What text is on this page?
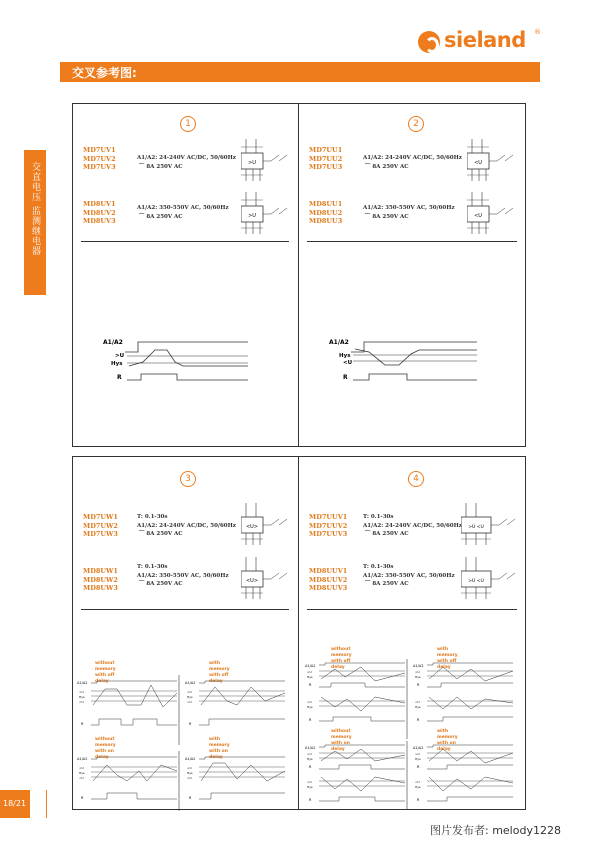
sieland ®
交叉参考图:
交直电压 监测继电器
18/21
图片发布者: melody1228
1
MD7UV1
MD7UV2
MD7UV3
A1/A2: 24-240V AC/DC, 50/60Hz
⌒ 8A 250V AC
>U
MD8UV1
MD8UV2
MD8UV3
A1/A2: 350-550V AC, 50/60Hz
⌒ 8A 250V AC	>U
A1/A2
>U
Hys
R
2
MD7UU1
MD7UU2
MD7UU3
A1/A2: 24-240V AC/DC, 50/60Hz
⌒ 8A 250V AC
<U
MD8UU1
MD8UU2
MD8UU3
A1/A2: 350-550V AC, 50/60Hz
⌒ 8A 250V AC	<U
A1/A2
Hys
<U
R
3
MD7UW1
MD7UW2
MD7UW3
T: 0.1-30s
A1/A2: 24-240V AC/DC, 50/60Hz
⌒ 8A 250V AC
<U>
MD8UW1
MD8UW2
MD8UW3
T: 0.1-30s
A1/A2: 350-550V AC, 50/60Hz
⌒ 8A 250V AC	<U>
without memory
with off delay
A1/A2
>U
Hys
<U
R
with memory
with off delay
A1/A2
>U
Hys
<U
R
without memory
with on delay
A1/A2
>U
Hys
<U
R
with memory
with on delay
A1/A2
>U
Hys
<U
R
4
MD7UUV1
MD7UUV2
MD7UUV3
T: 0.1-30s
A1/A2: 24-240V AC/DC, 50/60Hz
⌒ 8A 250V AC
>U <U
MD8UUV1
MD8UUV2
MD8UUV3
T: 0.1-30s
A1/A2: 350-550V AC, 50/60Hz
⌒ 8A 250V AC	>U <U
without memory
with off delay
A1/A2
>U
Hys
R
<U
Hys
R
with memory
with off delay
A1/A2
>U
Hys
R
<U
Hys
R
without memory
with on delay
A1/A2
>U
Hys
R
<U
Hys
R
with memory
with on delay
A1/A2
>U
Hys
R
<U
Hys
R
